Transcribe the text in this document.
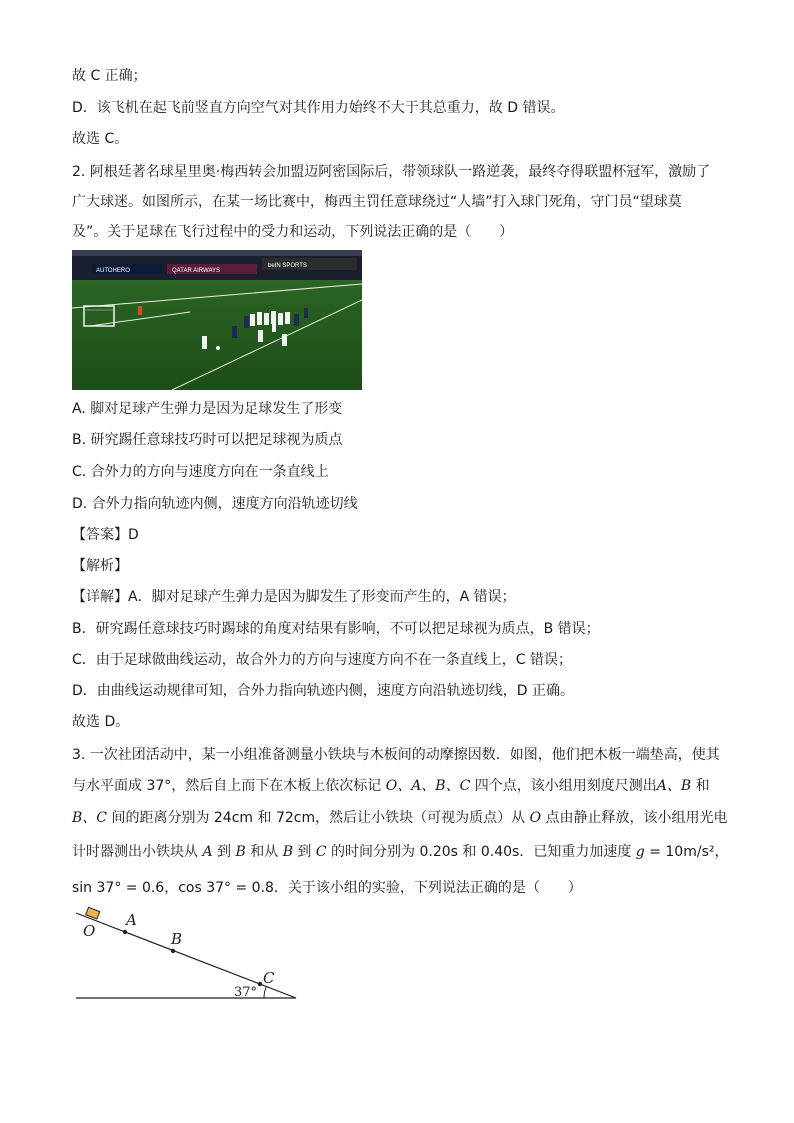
故 C 正确；
D．该飞机在起飞前竖直方向空气对其作用力始终不大于其总重力，故 D 错误。
故选 C。
2. 阿根廷著名球星里奥·梅西转会加盟迈阿密国际后，带领球队一路逆袭，最终夺得联盟杯冠军，激励了
广大球迷。如图所示，在某一场比赛中，梅西主罚任意球绕过“人墙”打入球门死角，守门员“望球莫
及”。关于足球在飞行过程中的受力和运动，下列说法正确的是（　　）
AUTOHERO	QATAR AIRWAYS
beIN SPORTS
A. 脚对足球产生弹力是因为足球发生了形变
B. 研究踢任意球技巧时可以把足球视为质点
C. 合外力的方向与速度方向在一条直线上
D. 合外力指向轨迹内侧，速度方向沿轨迹切线
【答案】D
【解析】
【详解】A．脚对足球产生弹力是因为脚发生了形变而产生的，A 错误；
B．研究踢任意球技巧时踢球的角度对结果有影响，不可以把足球视为质点，B 错误；
C．由于足球做曲线运动，故合外力的方向与速度方向不在一条直线上，C 错误；
D．由曲线运动规律可知，合外力指向轨迹内侧，速度方向沿轨迹切线，D 正确。
故选 D。
3. 一次社团活动中，某一小组准备测量小铁块与木板间的动摩擦因数．如图，他们把木板一端垫高，使其
与水平面成 37°，然后自上而下在木板上依次标记 O、A、B、C 四个点，该小组用刻度尺测出A、B 和
B、C 间的距离分别为 24cm 和 72cm，然后让小铁块（可视为质点）从 O 点由静止释放，该小组用光电
计时器测出小铁块从 A 到 B 和从 B 到 C 的时间分别为 0.20s 和 0.40s．已知重力加速度 g = 10m/s²，
sin 37° = 0.6，cos 37° = 0.8．关于该小组的实验，下列说法正确的是（　　）
O
A
B
C
37°
